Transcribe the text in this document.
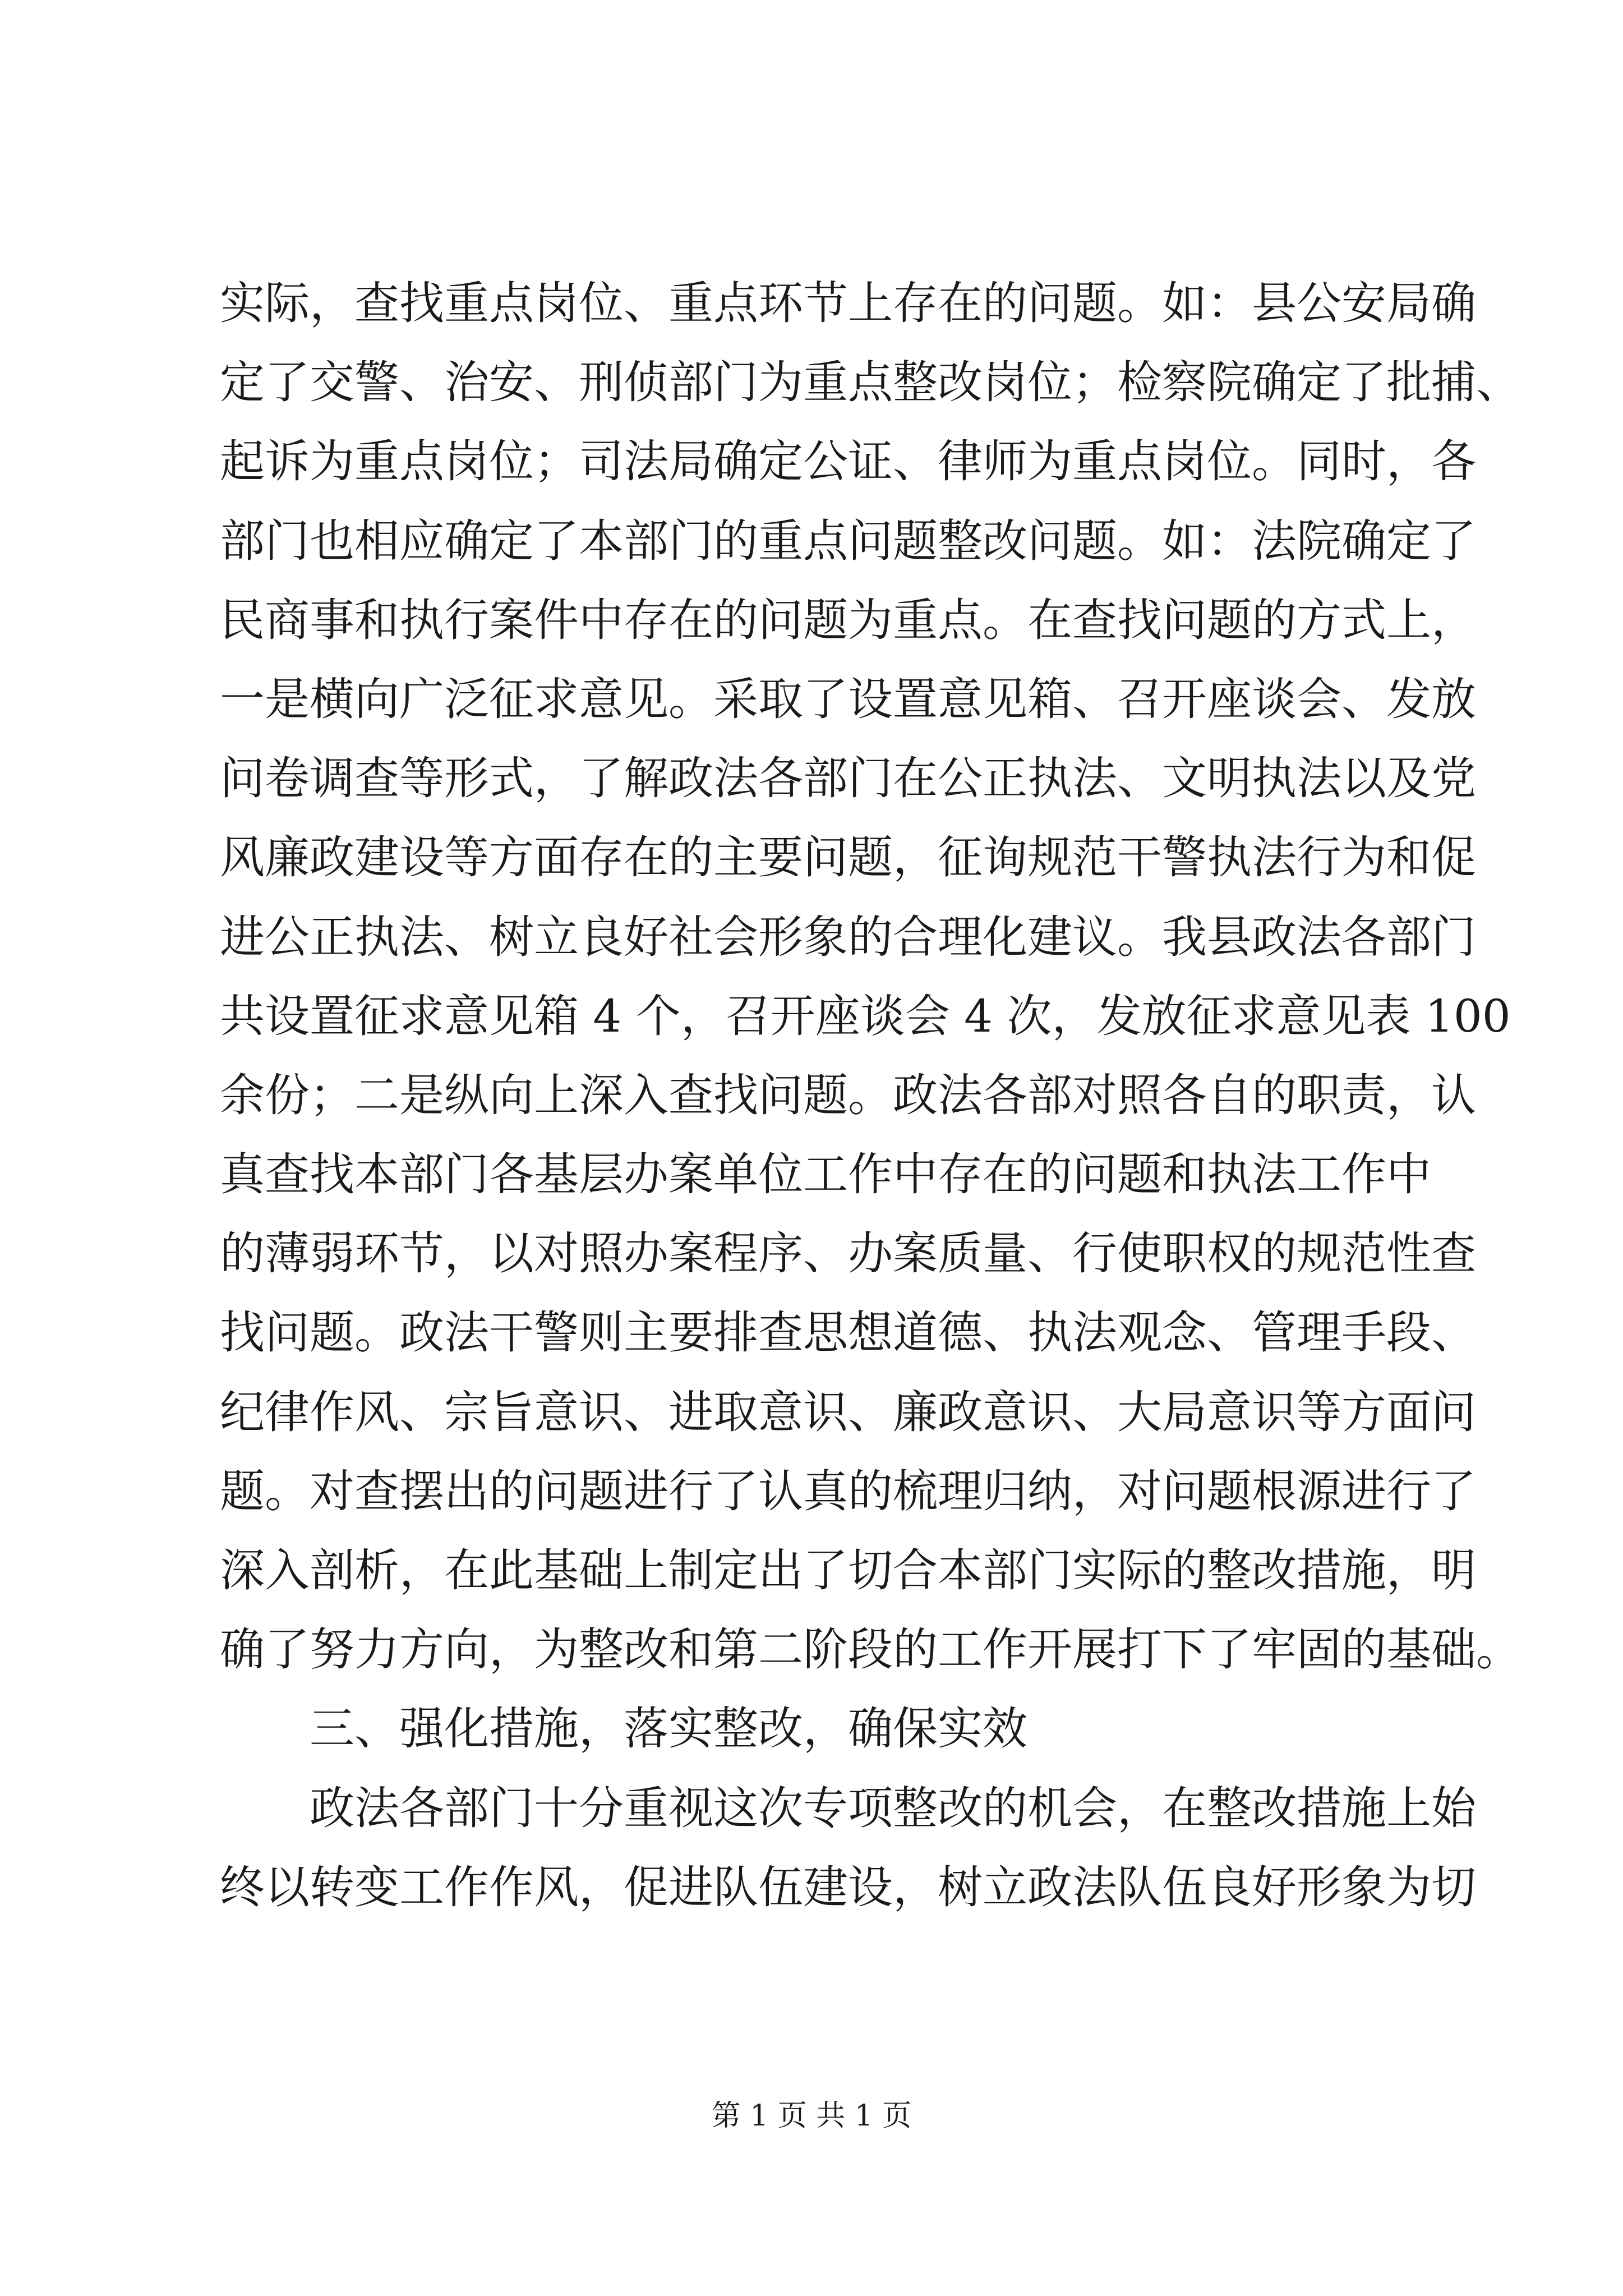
实际，查找重点岗位、重点环节上存在的问题。如：县公安局确
定了交警、治安、刑侦部门为重点整改岗位；检察院确定了批捕、
起诉为重点岗位；司法局确定公证、律师为重点岗位。同时，各
部门也相应确定了本部门的重点问题整改问题。如：法院确定了
民商事和执行案件中存在的问题为重点。在查找问题的方式上，
一是横向广泛征求意见。采取了设置意见箱、召开座谈会、发放
问卷调查等形式，了解政法各部门在公正执法、文明执法以及党
风廉政建设等方面存在的主要问题，征询规范干警执法行为和促
进公正执法、树立良好社会形象的合理化建议。我县政法各部门
共设置征求意见箱 4 个，召开座谈会 4 次，发放征求意见表 100
余份；二是纵向上深入查找问题。政法各部对照各自的职责，认
真查找本部门各基层办案单位工作中存在的问题和执法工作中
的薄弱环节，以对照办案程序、办案质量、行使职权的规范性查
找问题。政法干警则主要排查思想道德、执法观念、管理手段、
纪律作风、宗旨意识、进取意识、廉政意识、大局意识等方面问
题。对查摆出的问题进行了认真的梳理归纳，对问题根源进行了
深入剖析，在此基础上制定出了切合本部门实际的整改措施，明
确了努力方向，为整改和第二阶段的工作开展打下了牢固的基础。
三、强化措施，落实整改，确保实效
政法各部门十分重视这次专项整改的机会，在整改措施上始
终以转变工作作风，促进队伍建设，树立政法队伍良好形象为切
第 1 页 共 1 页
